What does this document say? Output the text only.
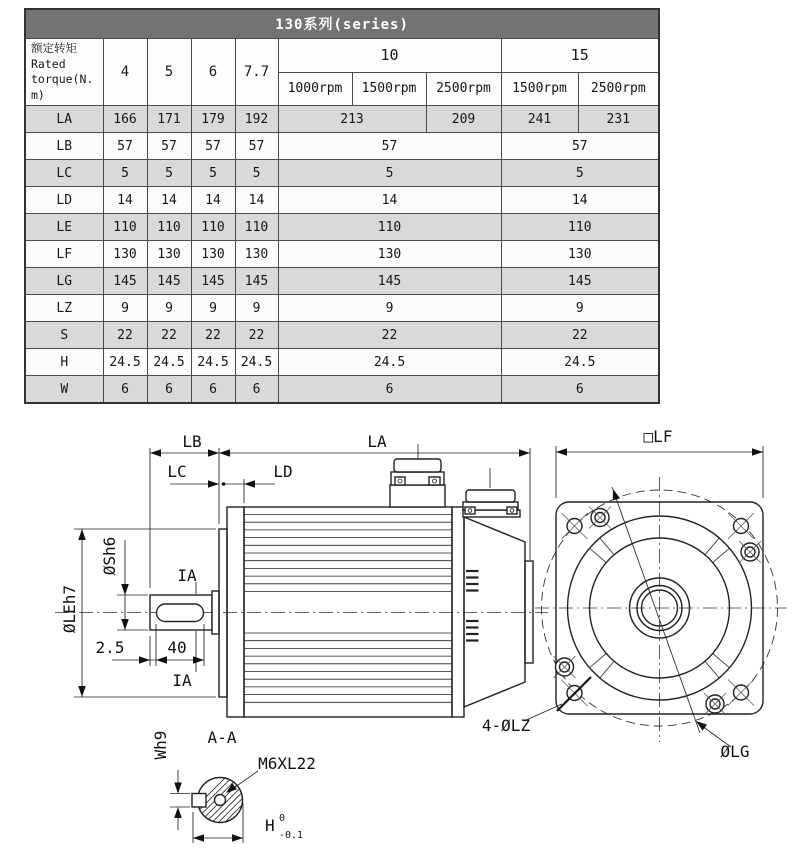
130系列(series)									
额定转矩
Rated
torque(N. m)	4	5	6	7.7	10			15	
					1000rpm	1500rpm	2500rpm	1500rpm	2500rpm
LA	166	171	179	192	213		209	241	231
LB	57	57	57	57	57			57	
LC	5	5	5	5	5			5	
LD	14	14	14	14	14			14	
LE	110	110	110	110	110			110	
LF	130	130	130	130	130			130	
LG	145	145	145	145	145			145	
LZ	9	9	9	9	9			9	
S	22	22	22	22	22			22	
H	24.5	24.5	24.5	24.5	24.5			24.5	
W	6	6	6	6	6			6	
LB	LA	□LF
LC	LD
ØSh6
ØLEh7
IA
IA
2.5	40
A-A
Wh9
M6XL22
H 0
-0.1
4-ØLZ
ØLG
